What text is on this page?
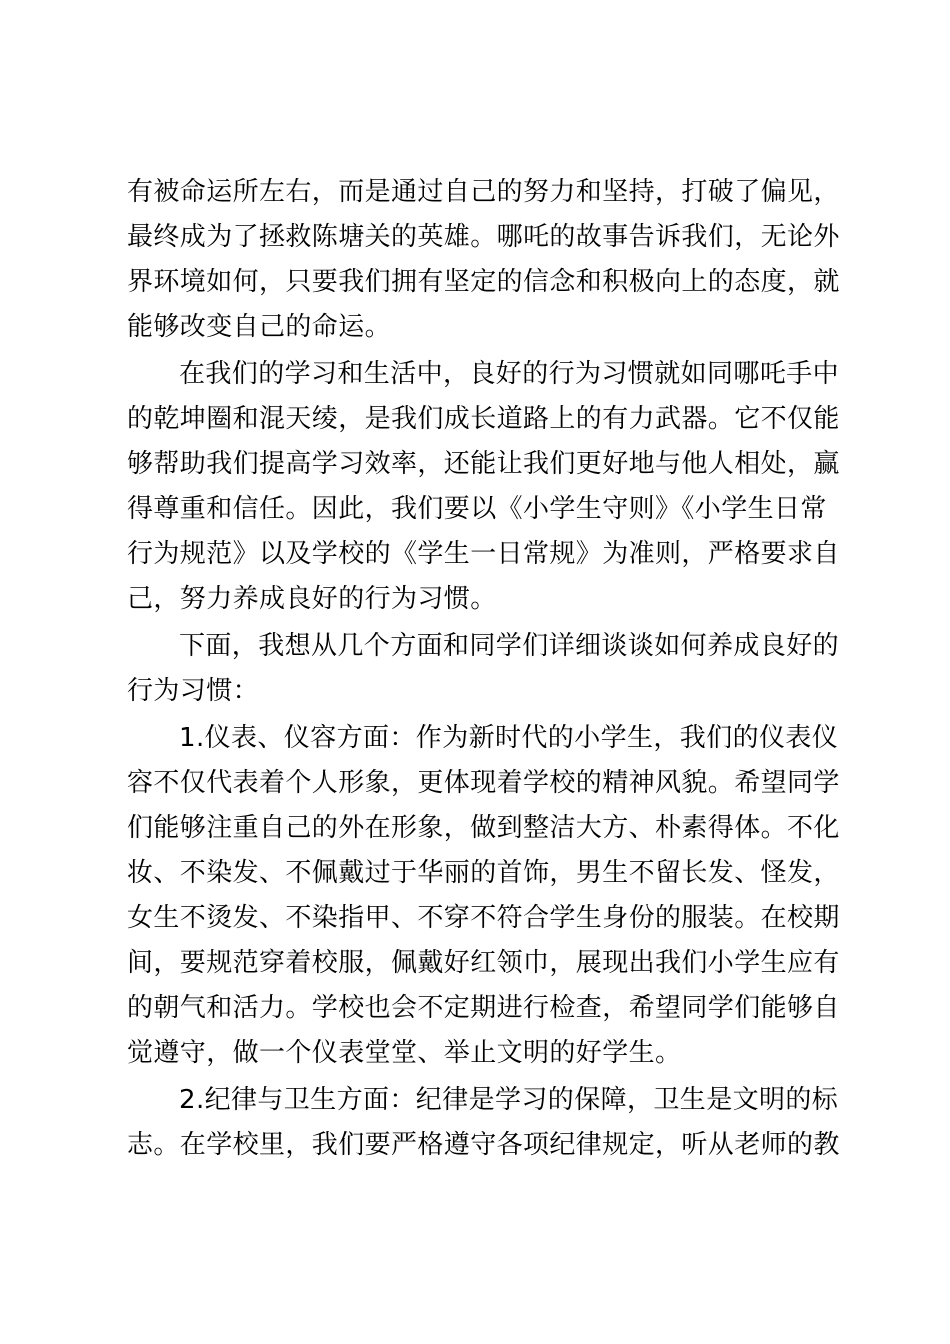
有被命运所左右，而是通过自己的努力和坚持，打破了偏见，
最终成为了拯救陈塘关的英雄。哪吒的故事告诉我们，无论外
界环境如何，只要我们拥有坚定的信念和积极向上的态度，就
能够改变自己的命运。
在我们的学习和生活中，良好的行为习惯就如同哪吒手中
的乾坤圈和混天绫，是我们成长道路上的有力武器。它不仅能
够帮助我们提高学习效率，还能让我们更好地与他人相处，赢
得尊重和信任。因此，我们要以《小学生守则》《小学生日常
行为规范》以及学校的《学生一日常规》为准则，严格要求自
己，努力养成良好的行为习惯。
下面，我想从几个方面和同学们详细谈谈如何养成良好的
行为习惯：
1.仪表、仪容方面：作为新时代的小学生，我们的仪表仪
容不仅代表着个人形象，更体现着学校的精神风貌。希望同学
们能够注重自己的外在形象，做到整洁大方、朴素得体。不化
妆、不染发、不佩戴过于华丽的首饰，男生不留长发、怪发，
女生不烫发、不染指甲、不穿不符合学生身份的服装。在校期
间，要规范穿着校服，佩戴好红领巾，展现出我们小学生应有
的朝气和活力。学校也会不定期进行检查，希望同学们能够自
觉遵守，做一个仪表堂堂、举止文明的好学生。
2.纪律与卫生方面：纪律是学习的保障，卫生是文明的标
志。在学校里，我们要严格遵守各项纪律规定，听从老师的教
